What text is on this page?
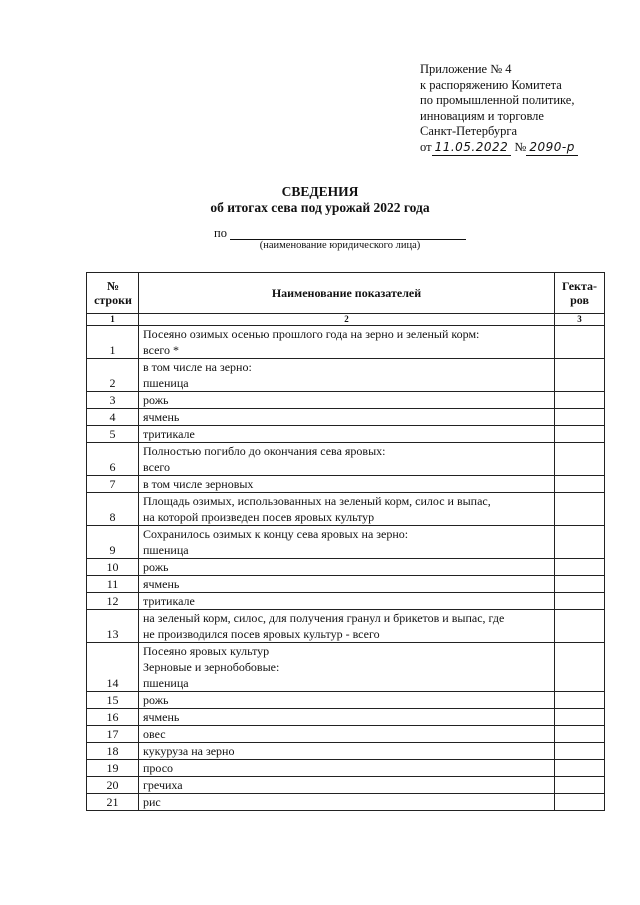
Приложение № 4
к распоряжению Комитета
по промышленной политике,
инновациям и торговле
Санкт-Петербурга
от 11.05.2022 № 2090-р
СВЕДЕНИЯ
об итогах сева под урожай 2022 года
по
(наименование юридического лица)
№ строки	Наименование показателей	Гекта-ров
1	2	3
1	Посеяно озимых осенью прошлого года на зерно и зеленый корм:
всего *	

2	в том числе на зерно:
пшеница	

3	рожь	

4	ячмень	

5	тритикале	

6	Полностью погибло до окончания сева яровых:
всего	

7	в том числе зерновых	

8	Площадь озимых, использованных на зеленый корм, силос и выпас,
на которой произведен посев яровых культур	

9	Сохранилось озимых к концу сева яровых на зерно:
пшеница	

10	рожь	

11	ячмень	

12	тритикале	

13	на зеленый корм, силос, для получения гранул и брикетов и выпас, где
не производился посев яровых культур - всего	

14	Посеяно яровых культур
Зерновые и зернобобовые:
пшеница	

15	рожь	

16	ячмень	

17	овес	

18	кукуруза на зерно	

19	просо	

20	гречиха	

21	рис	
